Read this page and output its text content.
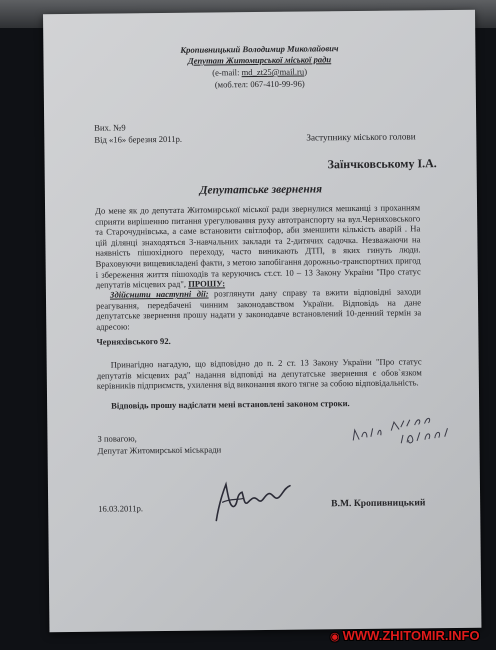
Кропивницький Володимир Миколайович
Депутат Житомирської міської ради
(e-mail: md_zt25@mail.ru)
(моб.тел: 067-410-99-96)
Вих. №9
Від «16» березня 2011р.	Заступнику міського голови
Заїнчковському І.А.
Депутатське звернення
До мене як до депутата Житомирської міської ради звернулися мешканці з проханням сприяти вирішенню питання урегулювання руху автотранспорту на вул.Черняховського та Старочуднівська, а саме встановити світлофор, аби зменшити кількість аварій . На цій ділянці знаходяться 3-навчальних заклади та 2-дитячих садочка. Незважаючи на наявність пішохідного переходу, часто виникають ДТП, в яких гинуть люди. Враховуючи вищевикладені факти, з метою запобігання дорожньо-транспортних пригод і збереження життя пішоходів та керуючись ст.ст. 10 – 13 Закону України "Про статус депутатів місцевих рад", ПРОШУ:
Здійснити наступні дії: розглянути дану справу та вжити відповідні заходи реагування, передбачені чинним законодавством України. Відповідь на дане депутатське звернення прошу надати у законодавче встановлений 10-денний термін за адресою:
Черняхівського 92.
Принагідно нагадую, що відповідно до п. 2 ст. 13 Закону України "Про статус депутатів місцевих рад" надання відповіді на депутатське звернення є обов`язком керівників підприємств, ухилення від виконання якого тягне за собою відповідальність.
Відповідь прошу надіслати мені встановлені законом строки.
З повагою,
Депутат Житомирської міськради
16.03.2011р.	В.М. Кропивницький
◉ WWW.ZHITOMIR.INFO
